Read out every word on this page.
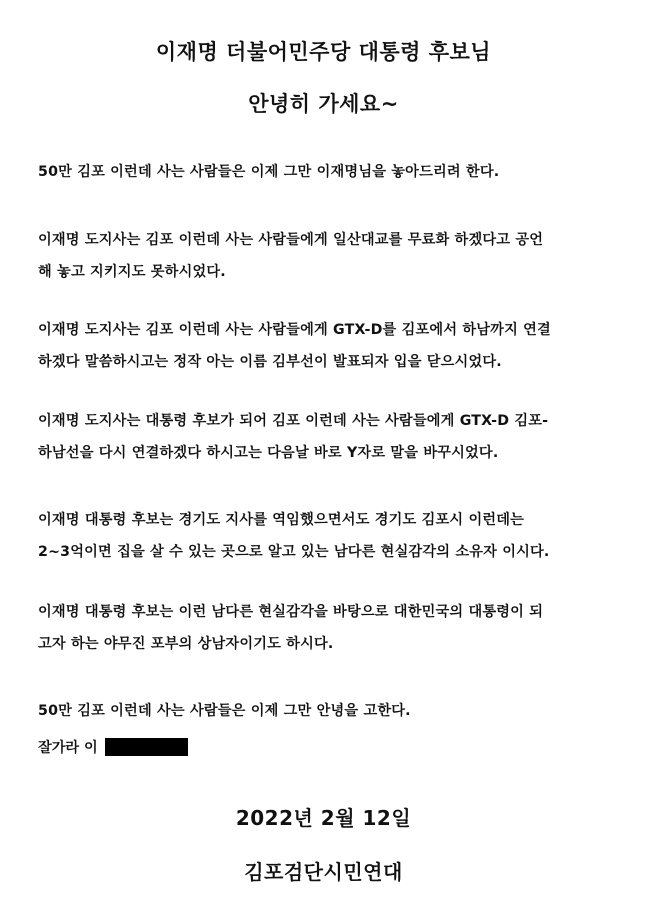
이재명 더불어민주당 대통령 후보님
안녕히 가세요~
50만 김포 이런데 사는 사람들은 이제 그만 이재명님을 놓아드리려 한다.
이재명 도지사는 김포 이런데 사는 사람들에게 일산대교를 무료화 하겠다고 공언
해 놓고 지키지도 못하시었다.
이재명 도지사는 김포 이런데 사는 사람들에게 GTX-D를 김포에서 하남까지 연결
하겠다 말씀하시고는 정작 아는 이름 김부선이 발표되자 입을 닫으시었다.
이재명 도지사는 대통령 후보가 되어 김포 이런데 사는 사람들에게 GTX-D 김포-
하남선을 다시 연결하겠다 하시고는 다음날 바로 Y자로 말을 바꾸시었다.
이재명 대통령 후보는 경기도 지사를 역임했으면서도 경기도 김포시 이런데는
2~3억이면 집을 살 수 있는 곳으로 알고 있는 남다른 현실감각의 소유자 이시다.
이재명 대통령 후보는 이런 남다른 현실감각을 바탕으로 대한민국의 대통령이 되
고자 하는 야무진 포부의 상남자이기도 하시다.
50만 김포 이런데 사는 사람들은 이제 그만 안녕을 고한다.
잘가라 이
2022년 2월 12일
김포검단시민연대
